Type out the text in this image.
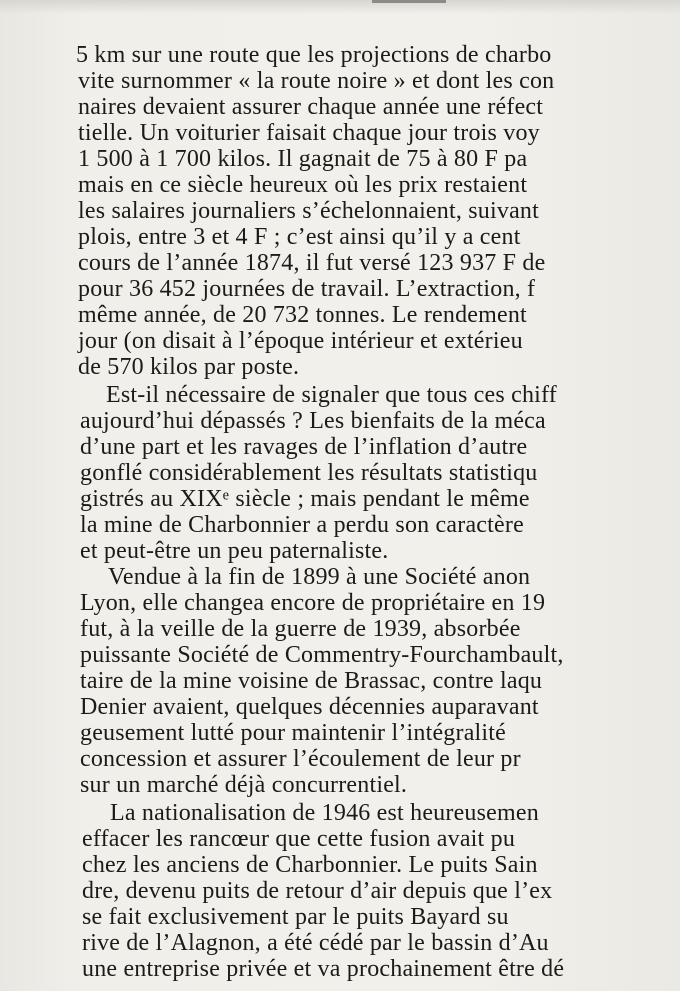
5 km sur une route que les projections de charbo
vite surnommer « la route noire » et dont les con
naires devaient assurer chaque année une réfect
tielle. Un voiturier faisait chaque jour trois voy
1 500 à 1 700 kilos. Il gagnait de 75 à 80 F pa
mais en ce siècle heureux où les prix restaient
les salaires journaliers s’échelonnaient, suivant
plois, entre 3 et 4 F ; c’est ainsi qu’il y a cent
cours de l’année 1874, il fut versé 123 937 F de
pour 36 452 journées de travail. L’extraction, f
même année, de 20 732 tonnes. Le rendement
jour (on disait à l’époque intérieur et extérieu
de 570 kilos par poste.
Est-il nécessaire de signaler que tous ces chiff
aujourd’hui dépassés ? Les bienfaits de la méca
d’une part et les ravages de l’inflation d’autre
gonflé considérablement les résultats statistiqu
gistrés au XIXᵉ siècle ; mais pendant le même
la mine de Charbonnier a perdu son caractère
et peut-être un peu paternaliste.
Vendue à la fin de 1899 à une Société anon
Lyon, elle changea encore de propriétaire en 19
fut, à la veille de la guerre de 1939, absorbée
puissante Société de Commentry-Fourchambault,
taire de la mine voisine de Brassac, contre laqu
Denier avaient, quelques décennies auparavant
geusement lutté pour maintenir l’intégralité
concession et assurer l’écoulement de leur pr
sur un marché déjà concurrentiel.
La nationalisation de 1946 est heureusemen
effacer les rancœur que cette fusion avait pu
chez les anciens de Charbonnier. Le puits Sain
dre, devenu puits de retour d’air depuis que l’ex
se fait exclusivement par le puits Bayard su
rive de l’Alagnon, a été cédé par le bassin d’Au
une entreprise privée et va prochainement être dé
